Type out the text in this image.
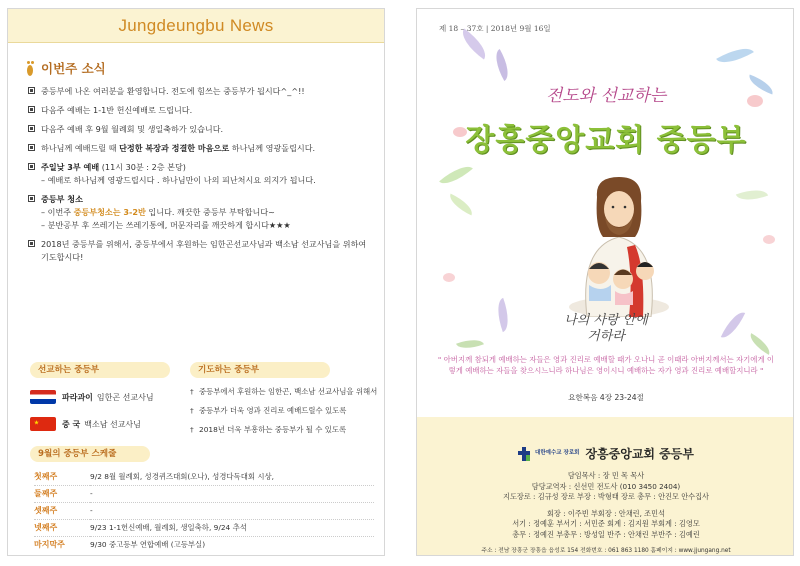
Jungdeungbu News
이번주 소식
중등부에 나온 여러분을 환영합니다. 전도에 힘쓰는 중등부가 됩시다^_^!!
다음주 예배는 1-1반 헌신예배로 드립니다.
다음주 예배 후 9월 월례회 및 생일축하가 있습니다.
하나님께 예배드릴 때 단정한 복장과 정결한 마음으로 하나님께 영광돌립시다.
주일낮 3부 예배 (11시 30분 : 2층 본당)
– 예배로 하나님께 영광드립시다 . 하나님만이 나의 피난처시요 의지가 됩니다.
중등부 청소
– 이번주 중등부청소는 3-2반 입니다. 깨끗한 중등부 부탁합니다~
– 분반공부 후 쓰레기는 쓰레기통에, 머문자리를 깨끗하게 합시다★★★
2018년 중등부를 위해서, 중등부에서 후원하는 임한곤선교사님과 백소남 선교사님을 위하여 기도합시다!
선교하는 중등부	기도하는 중등부
파라과이 임한곤 선교사님
중 국 백소남 선교사님
† 중등부에서 후원하는 임한곤, 백소남 선교사님을 위해서
† 중등부가 더욱 영과 진리로 예배드릴수 있도록
† 2018년 더욱 부흥하는 중등부가 될 수 있도록
9월의 중등부 스케줄
첫째주	9/2 8월 월례회, 성경퀴즈대회(오나), 성경다독대회 시상,
둘째주	-
셋째주	-
넷째주	9/23 1-1헌신예배, 월례회, 생일축하, 9/24 추석
마지막주	9/30 중고등부 연합예배 (고등부실)
제 18 – 37호 | 2018년 9월 16일
전도와 선교하는
장흥중앙교회 중등부
나의 사랑 안에
거하라
" 아버지께 참되게 예배하는 자들은 영과 진리로 예배할 때가 오나니 곧 이때라 아버지께서는 자기에게 이렇게 예배하는 자들을 찾으시느니라 하나님은 영이시니 예배하는 자가 영과 진리로 예배할지니라 "
요한복음 4장 23-24절
대한예수교 장로회 장흥중앙교회 중등부
담임목사 : 장 민 목 목사
담당교역자 : 신선민 전도사 (010 3450 2404)
지도장로 : 김규성 장로 부장 : 박형태 장로 총무 : 안진모 안수집사
회장 : 이주빈 부회장 : 안채린, 조민석
서기 : 정예훈 부서기 : 서민준 회계 : 김지원 부회계 : 김영모
총무 : 정예진 부총무 : 방성일 반주 : 안채린 부반주 : 김예린
주소 : 전남 장흥군 장흥읍 읍성로 154 전화번호 : 061 863 1180 홈페이지 : www.jjungang.net
